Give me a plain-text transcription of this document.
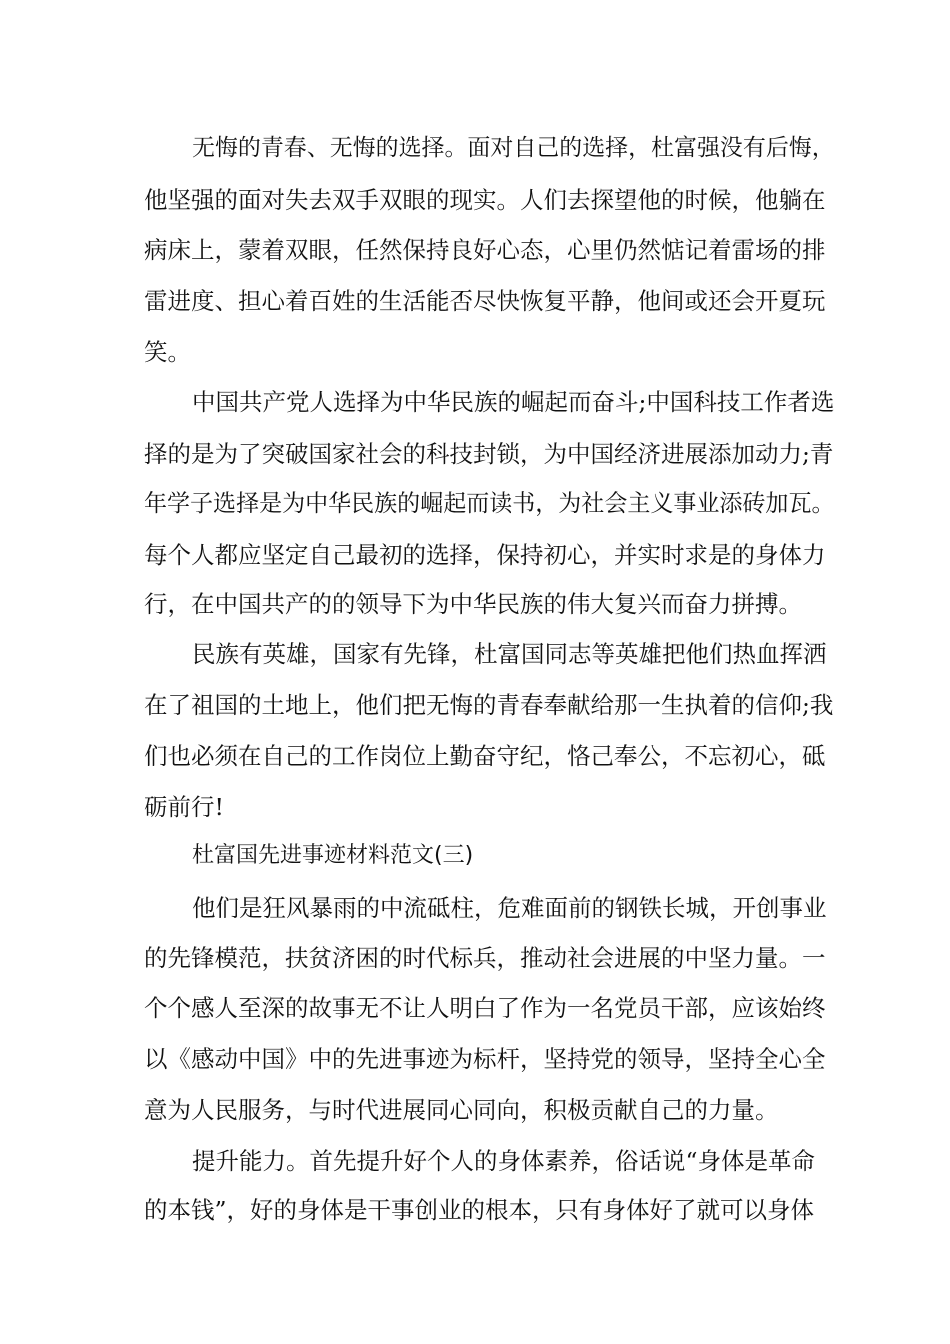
无悔的青春、无悔的选择。面对自己的选择，杜富强没有后悔，

他坚强的面对失去双手双眼的现实。人们去探望他的时候，他躺在

病床上，蒙着双眼，任然保持良好心态，心里仍然惦记着雷场的排

雷进度、担心着百姓的生活能否尽快恢复平静，他间或还会开夏玩

笑。

中国共产党人选择为中华民族的崛起而奋斗;中国科技工作者选

择的是为了突破国家社会的科技封锁，为中国经济进展添加动力;青

年学子选择是为中华民族的崛起而读书，为社会主义事业添砖加瓦。

每个人都应坚定自己最初的选择，保持初心，并实时求是的身体力

行，在中国共产的的领导下为中华民族的伟大复兴而奋力拼搏。

民族有英雄，国家有先锋，杜富国同志等英雄把他们热血挥洒

在了祖国的土地上，他们把无悔的青春奉献给那一生执着的信仰;我

们也必须在自己的工作岗位上勤奋守纪，恪己奉公，不忘初心，砥

砺前行!

杜富国先进事迹材料范文(三)

他们是狂风暴雨的中流砥柱，危难面前的钢铁长城，开创事业

的先锋模范，扶贫济困的时代标兵，推动社会进展的中坚力量。一

个个感人至深的故事无不让人明白了作为一名党员干部，应该始终

以《感动中国》中的先进事迹为标杆，坚持党的领导，坚持全心全

意为人民服务，与时代进展同心同向，积极贡献自己的力量。

提升能力。首先提升好个人的身体素养，俗话说“身体是革命

的本钱”，好的身体是干事创业的根本，只有身体好了就可以身体
